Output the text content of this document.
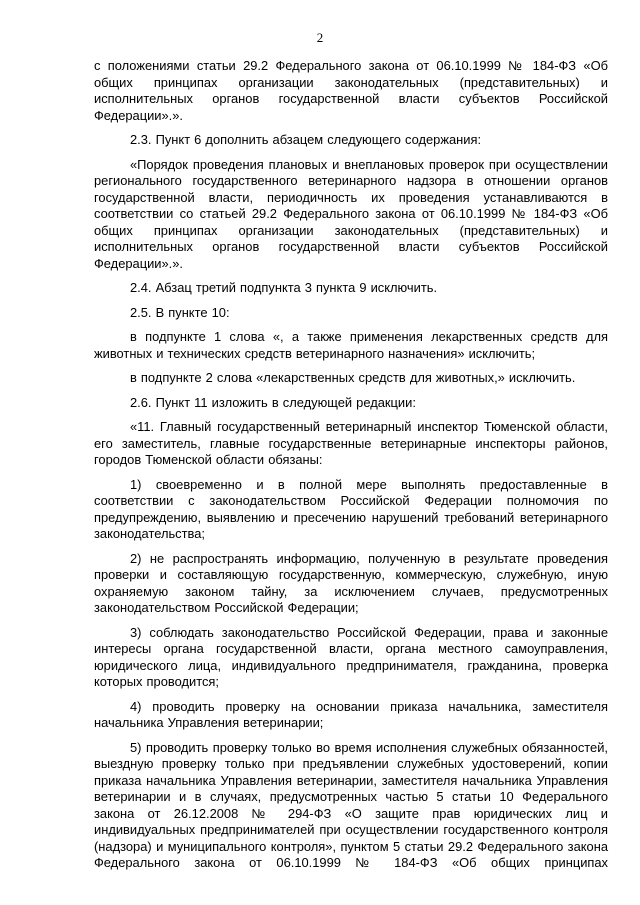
2

с положениями статьи 29.2 Федерального закона от 06.10.1999 № 184-ФЗ «Об общих принципах организации законодательных (представительных) и исполнительных органов государственной власти субъектов Российской Федерации».».

2.3. Пункт 6 дополнить абзацем следующего содержания:

«Порядок проведения плановых и внеплановых проверок при осуществлении регионального государственного ветеринарного надзора в отношении органов государственной власти, периодичность их проведения устанавливаются в соответствии со статьей 29.2 Федерального закона от 06.10.1999 № 184-ФЗ «Об общих принципах организации законодательных (представительных) и исполнительных органов государственной власти субъектов Российской Федерации».».

2.4. Абзац третий подпункта 3 пункта 9 исключить.

2.5. В пункте 10:

в подпункте 1 слова «, а также применения лекарственных средств для животных и технических средств ветеринарного назначения» исключить;

в подпункте 2 слова «лекарственных средств для животных,» исключить.

2.6. Пункт 11 изложить в следующей редакции:

«11. Главный государственный ветеринарный инспектор Тюменской области, его заместитель, главные государственные ветеринарные инспекторы районов, городов Тюменской области обязаны:

1) своевременно и в полной мере выполнять предоставленные в соответствии с законодательством Российской Федерации полномочия по предупреждению, выявлению и пресечению нарушений требований ветеринарного законодательства;

2) не распространять информацию, полученную в результате проведения проверки и составляющую государственную, коммерческую, служебную, иную охраняемую законом тайну, за исключением случаев, предусмотренных законодательством Российской Федерации;

3) соблюдать законодательство Российской Федерации, права и законные интересы органа государственной власти, органа местного самоуправления, юридического лица, индивидуального предпринимателя, гражданина, проверка которых проводится;

4) проводить проверку на основании приказа начальника, заместителя начальника Управления ветеринарии;

5) проводить проверку только во время исполнения служебных обязанностей, выездную проверку только при предъявлении служебных удостоверений, копии приказа начальника Управления ветеринарии, заместителя начальника Управления ветеринарии и в случаях, предусмотренных частью 5 статьи 10 Федерального закона от 26.12.2008 № 294-ФЗ «О защите прав юридических лиц и индивидуальных предпринимателей при осуществлении государственного контроля (надзора) и муниципального контроля», пунктом 5 статьи 29.2 Федерального закона Федерального закона от 06.10.1999 № 184-ФЗ «Об общих принципах
